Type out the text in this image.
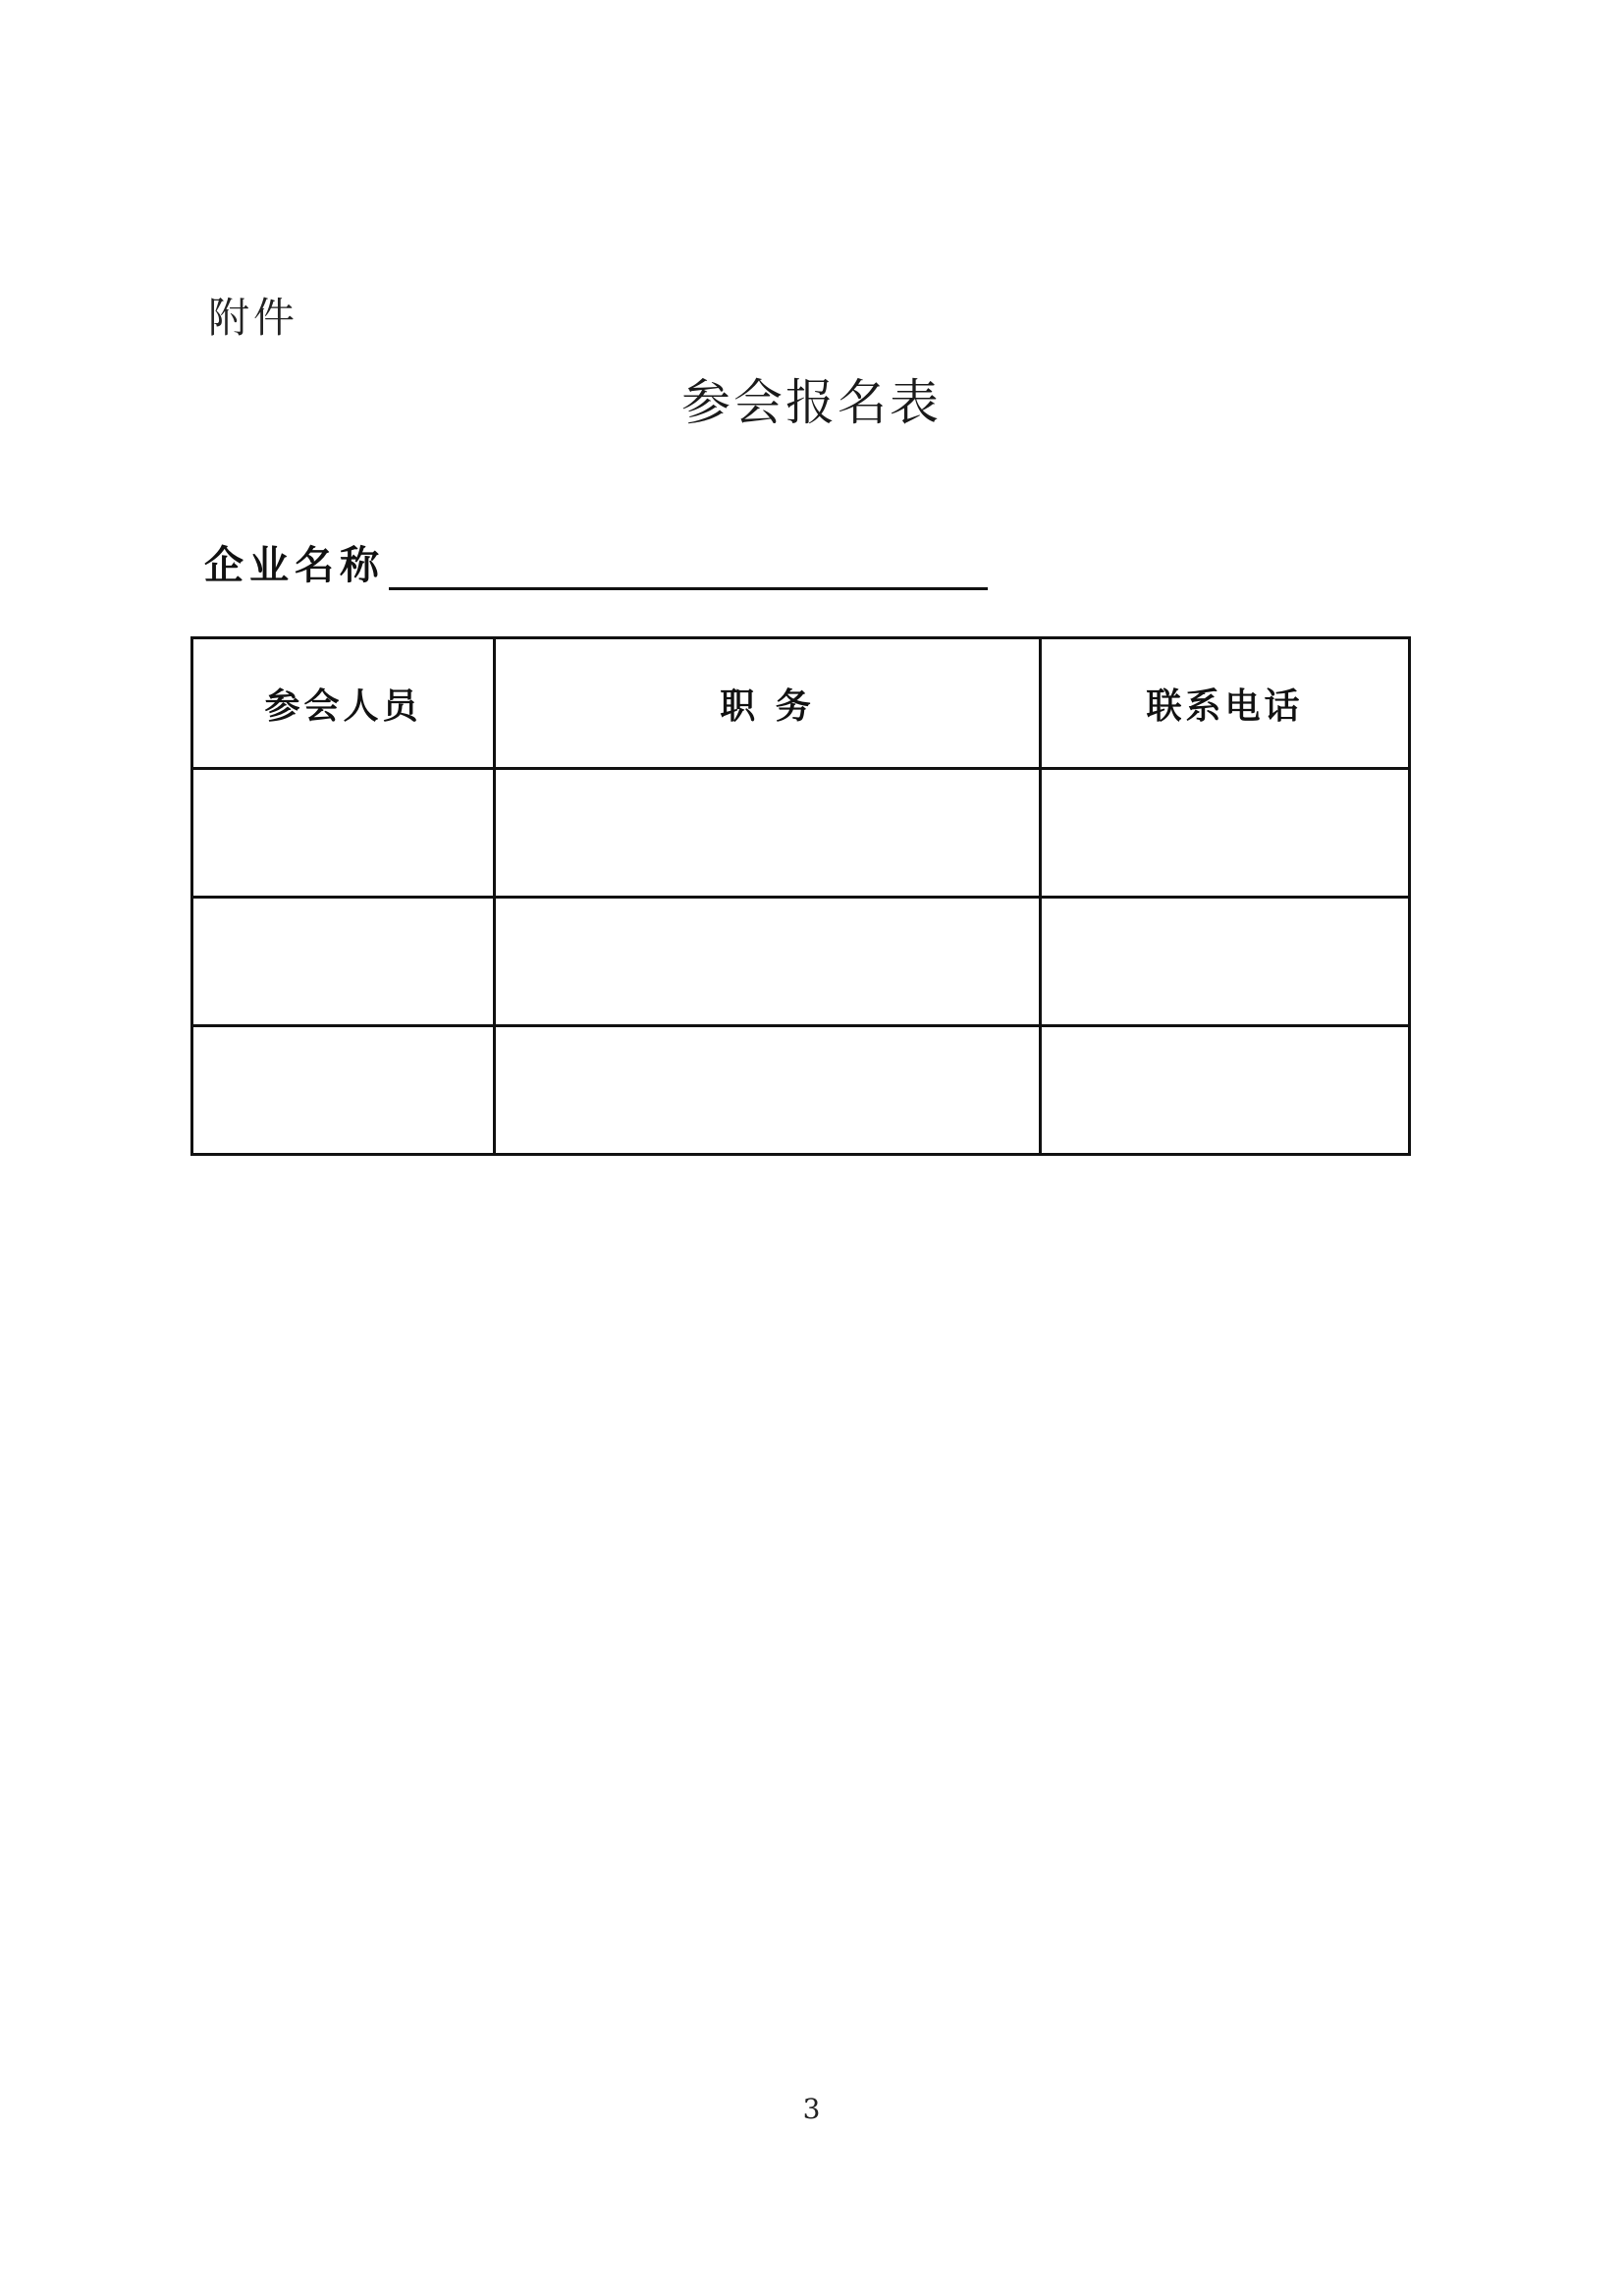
附件
参会报名表
企业名称
参会人员	职 务	联系电话

3
